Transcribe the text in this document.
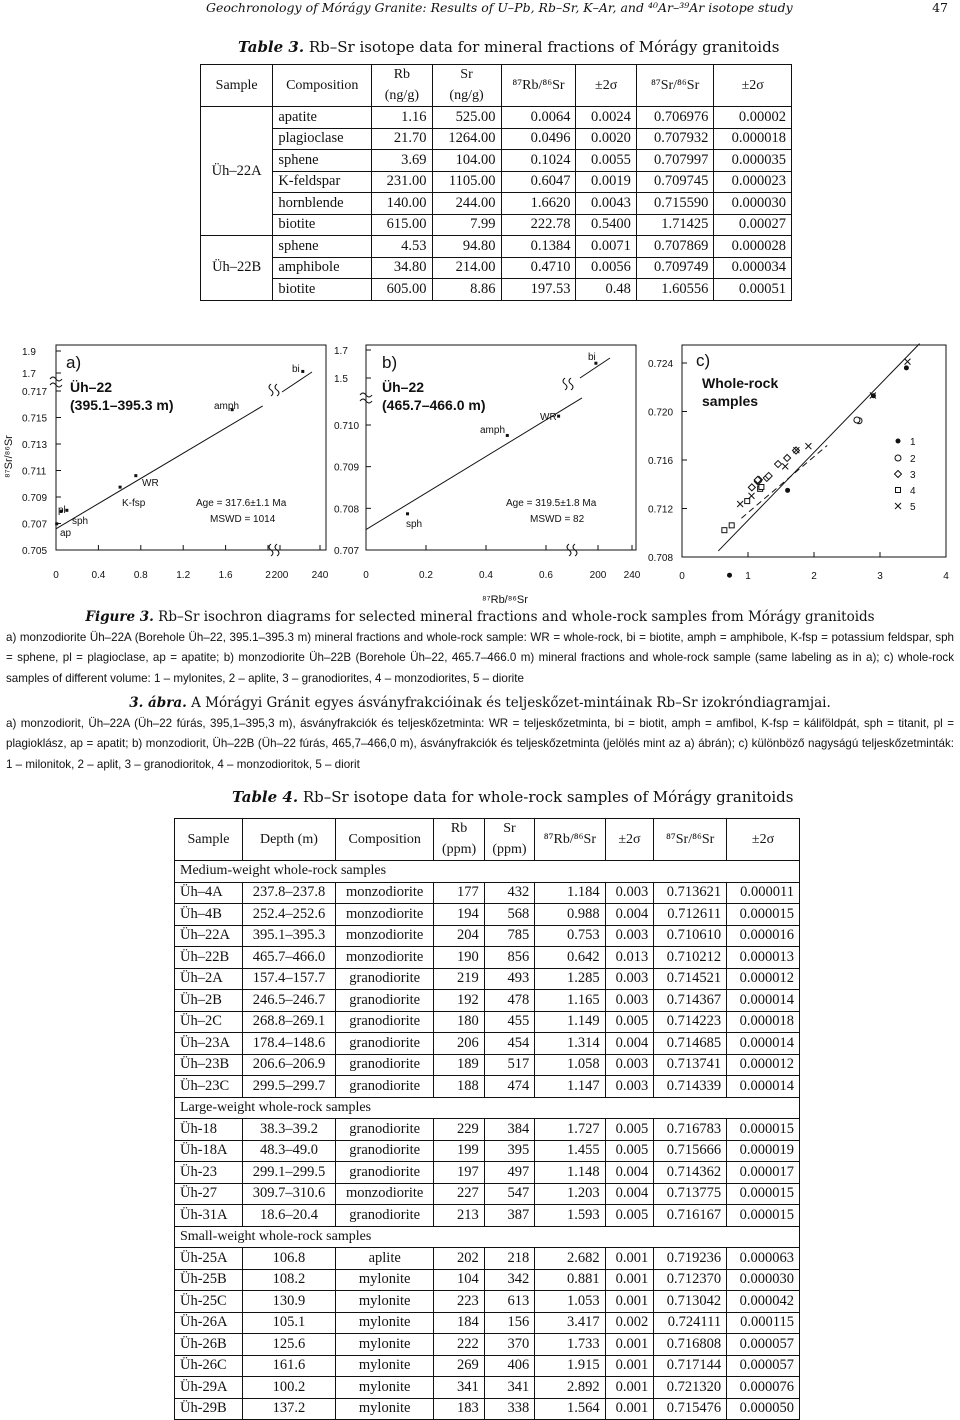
Geochronology of Mórágy Granite: Results of U–Pb, Rb–Sr, K–Ar, and ⁴⁰Ar–³⁹Ar isotope study	47
Table 3. Rb–Sr isotope data for mineral fractions of Mórágy granitoids
Sample	Composition	Rb	Sr	⁸⁷Rb/⁸⁶Sr	±2σ	⁸⁷Sr/⁸⁶Sr	±2σ
		(ng/g)	(ng/g)				
Üh–22A	apatite	1.16	525.00	0.0064	0.0024	0.706976	0.00002
	plagioclase	21.70	1264.00	0.0496	0.0020	0.707932	0.000018
	sphene	3.69	104.00	0.1024	0.0055	0.707997	0.000035
	K-feldspar	231.00	1105.00	0.6047	0.0019	0.709745	0.000023
	hornblende	140.00	244.00	1.6620	0.0043	0.715590	0.000030
	biotite	615.00	7.99	222.78	0.5400	1.71425	0.00027
Üh–22B	sphene	4.53	94.80	0.1384	0.0071	0.707869	0.000028
	amphibole	34.80	214.00	0.4710	0.0056	0.709749	0.000034
	biotite	605.00	8.86	197.53	0.48	1.60556	0.00051
1.9
1.7
0.717
0.715
0.713
0.711
0.709
0.707
0.705
0	0.4	0.8	1.2	1.6	2 200 240
ap
pl
sph
K-fsp
WR
amph
bi
a)
Üh–22
(395.1–395.3 m)
Age = 317.6±1.1 Ma
MSWD = 1014
⁸⁷Sr/⁸⁶Sr
1.7
1.5
0.710
0.709
0.708
0.707
0	0.2	0.4	0.6	200 240
sph
amph
WR
bi
b)
Üh–22
(465.7–466.0 m)
Age = 319.5±1.8 Ma
MSWD = 82
⁸⁷Rb/⁸⁶Sr
0.724
0.720
0.716
0.712
0.708
0	1	2	3	4
c)
Whole-rock
samples
1
2
3
4
5
Figure 3. Rb–Sr isochron diagrams for selected mineral fractions and whole-rock samples from Mórágy granitoids

a) monzodiorite Üh–22A (Borehole Üh–22, 395.1–395.3 m) mineral fractions and whole-rock sample: WR = whole-rock, bi = biotite, amph = amphibole, K-fsp = potassium feldspar, sph = sphene, pl = plagioclase, ap = apatite; b) monzodiorite Üh–22B (Borehole Üh–22, 465.7–466.0 m) mineral fractions and whole-rock sample (same labeling as in a); c) whole-rock samples of different volume: 1 – mylonites, 2 – aplite, 3 – granodiorites, 4 – monzodiorites, 5 – diorite

3. ábra. A Mórágyi Gránit egyes ásványfrakcióinak és teljeskőzet-mintáinak Rb–Sr izokróndiagramjai.

a) monzodiorit, Üh–22A (Üh–22 fúrás, 395,1–395,3 m), ásványfrakciók és teljeskőzetminta: WR = teljeskőzetminta, bi = biotit, amph = amfibol, K-fsp = káliföldpát, sph = titanit, pl = plagioklász, ap = apatit; b) monzodiorit, Üh–22B (Üh–22 fúrás, 465,7–466,0 m), ásványfrakciók és teljeskőzetminta (jelölés mint az a) ábrán); c) különböző nagyságú teljeskőzetminták: 1 – milonitok, 2 – aplit, 3 – granodioritok, 4 – monzodioritok, 5 – diorit

Table 4. Rb–Sr isotope data for whole-rock samples of Mórágy granitoids
Sample	Depth (m)	Composition	Rb	Sr	⁸⁷Rb/⁸⁶Sr	±2σ	⁸⁷Sr/⁸⁶Sr	±2σ
			(ppm)	(ppm)				
Medium-weight whole-rock samples								
Üh–4A	237.8–237.8	monzodiorite	177	432	1.184	0.003	0.713621	0.000011
Üh–4B	252.4–252.6	monzodiorite	194	568	0.988	0.004	0.712611	0.000015
Üh–22A	395.1–395.3	monzodiorite	204	785	0.753	0.003	0.710610	0.000016
Üh–22B	465.7–466.0	monzodiorite	190	856	0.642	0.013	0.710212	0.000013
Üh–2A	157.4–157.7	granodiorite	219	493	1.285	0.003	0.714521	0.000012
Üh–2B	246.5–246.7	granodiorite	192	478	1.165	0.003	0.714367	0.000014
Üh–2C	268.8–269.1	granodiorite	180	455	1.149	0.005	0.714223	0.000018
Üh–23A	178.4–148.6	granodiorite	206	454	1.314	0.004	0.714685	0.000014
Üh–23B	206.6–206.9	granodiorite	189	517	1.058	0.003	0.713741	0.000012
Üh–23C	299.5–299.7	granodiorite	188	474	1.147	0.003	0.714339	0.000014
Large-weight whole-rock samples								
Üh-18	38.3–39.2	granodiorite	229	384	1.727	0.005	0.716783	0.000015
Üh-18A	48.3–49.0	granodiorite	199	395	1.455	0.005	0.715666	0.000019
Üh-23	299.1–299.5	granodiorite	197	497	1.148	0.004	0.714362	0.000017
Üh-27	309.7–310.6	monzodiorite	227	547	1.203	0.004	0.713775	0.000015
Üh-31A	18.6–20.4	granodiorite	213	387	1.593	0.005	0.716167	0.000015
Small-weight whole-rock samples								
Üh-25A	106.8	aplite	202	218	2.682	0.001	0.719236	0.000063
Üh-25B	108.2	mylonite	104	342	0.881	0.001	0.712370	0.000030
Üh-25C	130.9	mylonite	223	613	1.053	0.001	0.713042	0.000042
Üh-26A	105.1	mylonite	184	156	3.417	0.002	0.724111	0.000115
Üh-26B	125.6	mylonite	222	370	1.733	0.001	0.716808	0.000057
Üh-26C	161.6	mylonite	269	406	1.915	0.001	0.717144	0.000057
Üh-29A	100.2	mylonite	341	341	2.892	0.001	0.721320	0.000076
Üh-29B	137.2	mylonite	183	338	1.564	0.001	0.715476	0.000050
